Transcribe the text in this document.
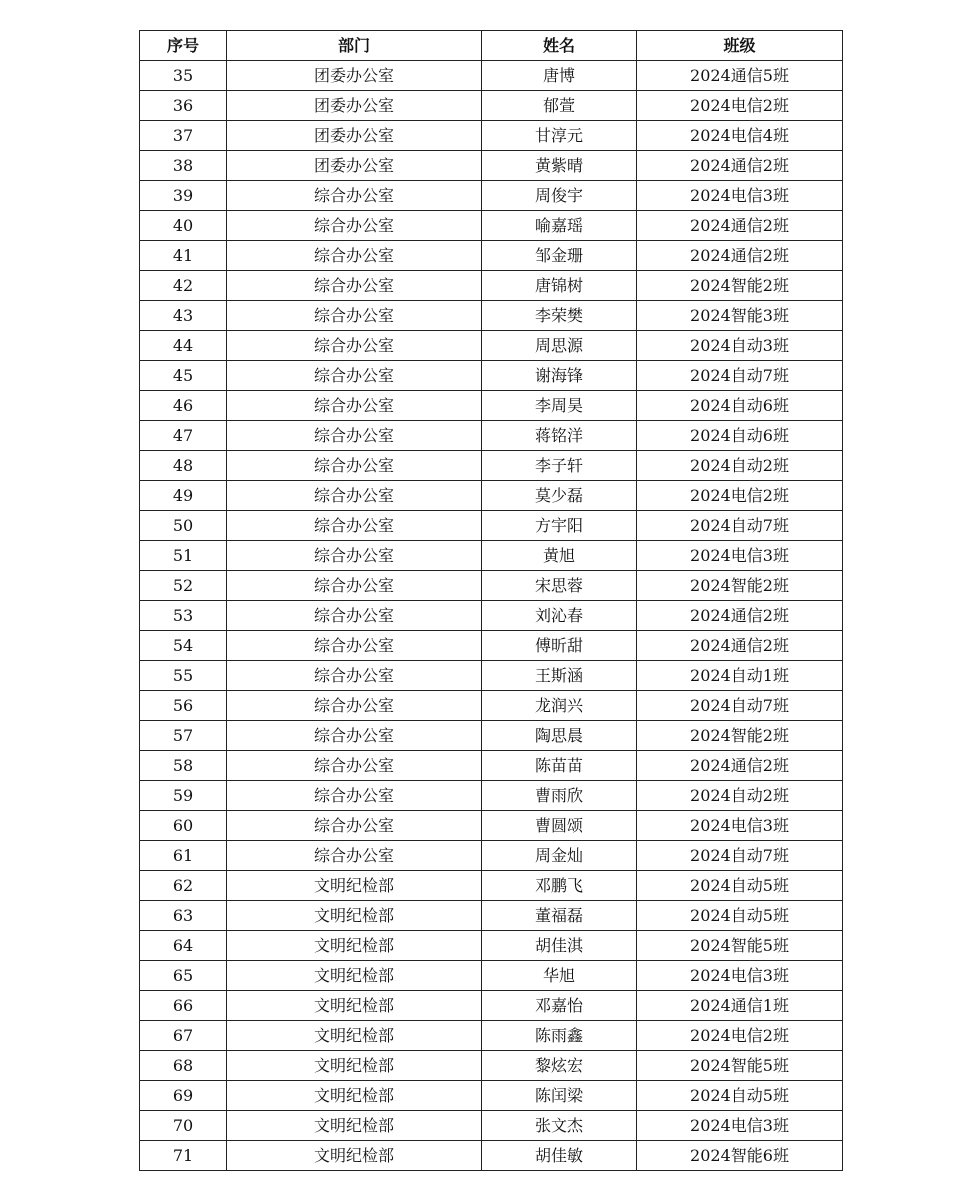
序号	部门	姓名	班级
35	团委办公室	唐博	2024通信5班
36	团委办公室	郁萱	2024电信2班
37	团委办公室	甘淳元	2024电信4班
38	团委办公室	黄紫晴	2024通信2班
39	综合办公室	周俊宇	2024电信3班
40	综合办公室	喻嘉瑶	2024通信2班
41	综合办公室	邹金珊	2024通信2班
42	综合办公室	唐锦树	2024智能2班
43	综合办公室	李荣樊	2024智能3班
44	综合办公室	周思源	2024自动3班
45	综合办公室	谢海锋	2024自动7班
46	综合办公室	李周昊	2024自动6班
47	综合办公室	蒋铭洋	2024自动6班
48	综合办公室	李子轩	2024自动2班
49	综合办公室	莫少磊	2024电信2班
50	综合办公室	方宇阳	2024自动7班
51	综合办公室	黄旭	2024电信3班
52	综合办公室	宋思蓉	2024智能2班
53	综合办公室	刘沁春	2024通信2班
54	综合办公室	傅昕甜	2024通信2班
55	综合办公室	王斯涵	2024自动1班
56	综合办公室	龙润兴	2024自动7班
57	综合办公室	陶思晨	2024智能2班
58	综合办公室	陈苗苗	2024通信2班
59	综合办公室	曹雨欣	2024自动2班
60	综合办公室	曹圆颂	2024电信3班
61	综合办公室	周金灿	2024自动7班
62	文明纪检部	邓鹏飞	2024自动5班
63	文明纪检部	董福磊	2024自动5班
64	文明纪检部	胡佳淇	2024智能5班
65	文明纪检部	华旭	2024电信3班
66	文明纪检部	邓嘉怡	2024通信1班
67	文明纪检部	陈雨鑫	2024电信2班
68	文明纪检部	黎炫宏	2024智能5班
69	文明纪检部	陈闰梁	2024自动5班
70	文明纪检部	张文杰	2024电信3班
71	文明纪检部	胡佳敏	2024智能6班
